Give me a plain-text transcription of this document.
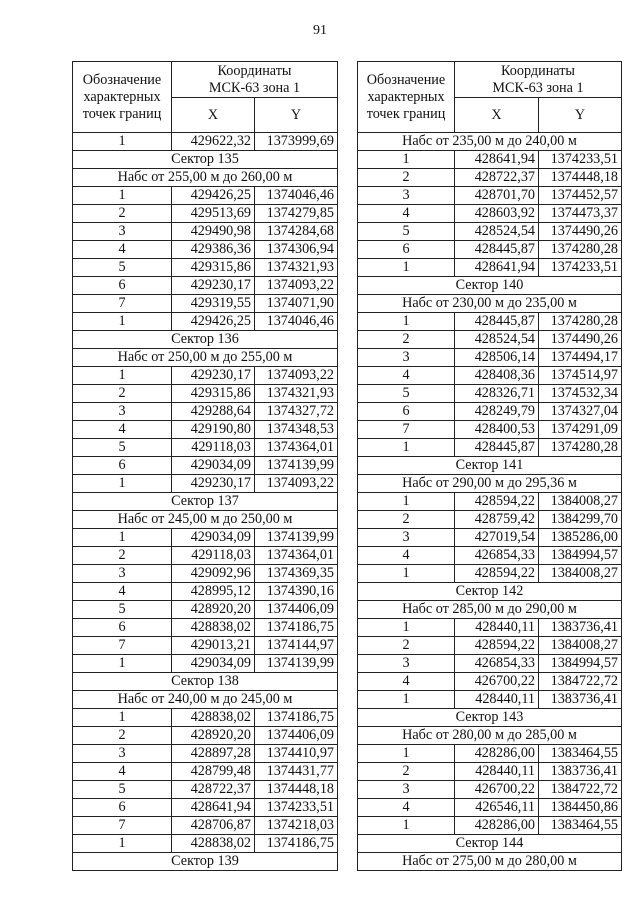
91
Обозначение
характерных
точек границ	Координаты
МСК-63 зона 1	
	X	Y
1	429622,32	1373999,69
Сектор 135		
Набс от 255,00 м до 260,00 м		
1	429426,25	1374046,46
2	429513,69	1374279,85
3	429490,98	1374284,68
4	429386,36	1374306,94
5	429315,86	1374321,93
6	429230,17	1374093,22
7	429319,55	1374071,90
1	429426,25	1374046,46
Сектор 136		
Набс от 250,00 м до 255,00 м		
1	429230,17	1374093,22
2	429315,86	1374321,93
3	429288,64	1374327,72
4	429190,80	1374348,53
5	429118,03	1374364,01
6	429034,09	1374139,99
1	429230,17	1374093,22
Сектор 137		
Набс от 245,00 м до 250,00 м		
1	429034,09	1374139,99
2	429118,03	1374364,01
3	429092,96	1374369,35
4	428995,12	1374390,16
5	428920,20	1374406,09
6	428838,02	1374186,75
7	429013,21	1374144,97
1	429034,09	1374139,99
Сектор 138		
Набс от 240,00 м до 245,00 м		
1	428838,02	1374186,75
2	428920,20	1374406,09
3	428897,28	1374410,97
4	428799,48	1374431,77
5	428722,37	1374448,18
6	428641,94	1374233,51
7	428706,87	1374218,03
1	428838,02	1374186,75
Сектор 139		
Обозначение
характерных
точек границ	Координаты
МСК-63 зона 1	
	X	Y
Набс от 235,00 м до 240,00 м		
1	428641,94	1374233,51
2	428722,37	1374448,18
3	428701,70	1374452,57
4	428603,92	1374473,37
5	428524,54	1374490,26
6	428445,87	1374280,28
1	428641,94	1374233,51
Сектор 140		
Набс от 230,00 м до 235,00 м		
1	428445,87	1374280,28
2	428524,54	1374490,26
3	428506,14	1374494,17
4	428408,36	1374514,97
5	428326,71	1374532,34
6	428249,79	1374327,04
7	428400,53	1374291,09
1	428445,87	1374280,28
Сектор 141		
Набс от 290,00 м до 295,36 м		
1	428594,22	1384008,27
2	428759,42	1384299,70
3	427019,54	1385286,00
4	426854,33	1384994,57
1	428594,22	1384008,27
Сектор 142		
Набс от 285,00 м до 290,00 м		
1	428440,11	1383736,41
2	428594,22	1384008,27
3	426854,33	1384994,57
4	426700,22	1384722,72
1	428440,11	1383736,41
Сектор 143		
Набс от 280,00 м до 285,00 м		
1	428286,00	1383464,55
2	428440,11	1383736,41
3	426700,22	1384722,72
4	426546,11	1384450,86
1	428286,00	1383464,55
Сектор 144		
Набс от 275,00 м до 280,00 м		
